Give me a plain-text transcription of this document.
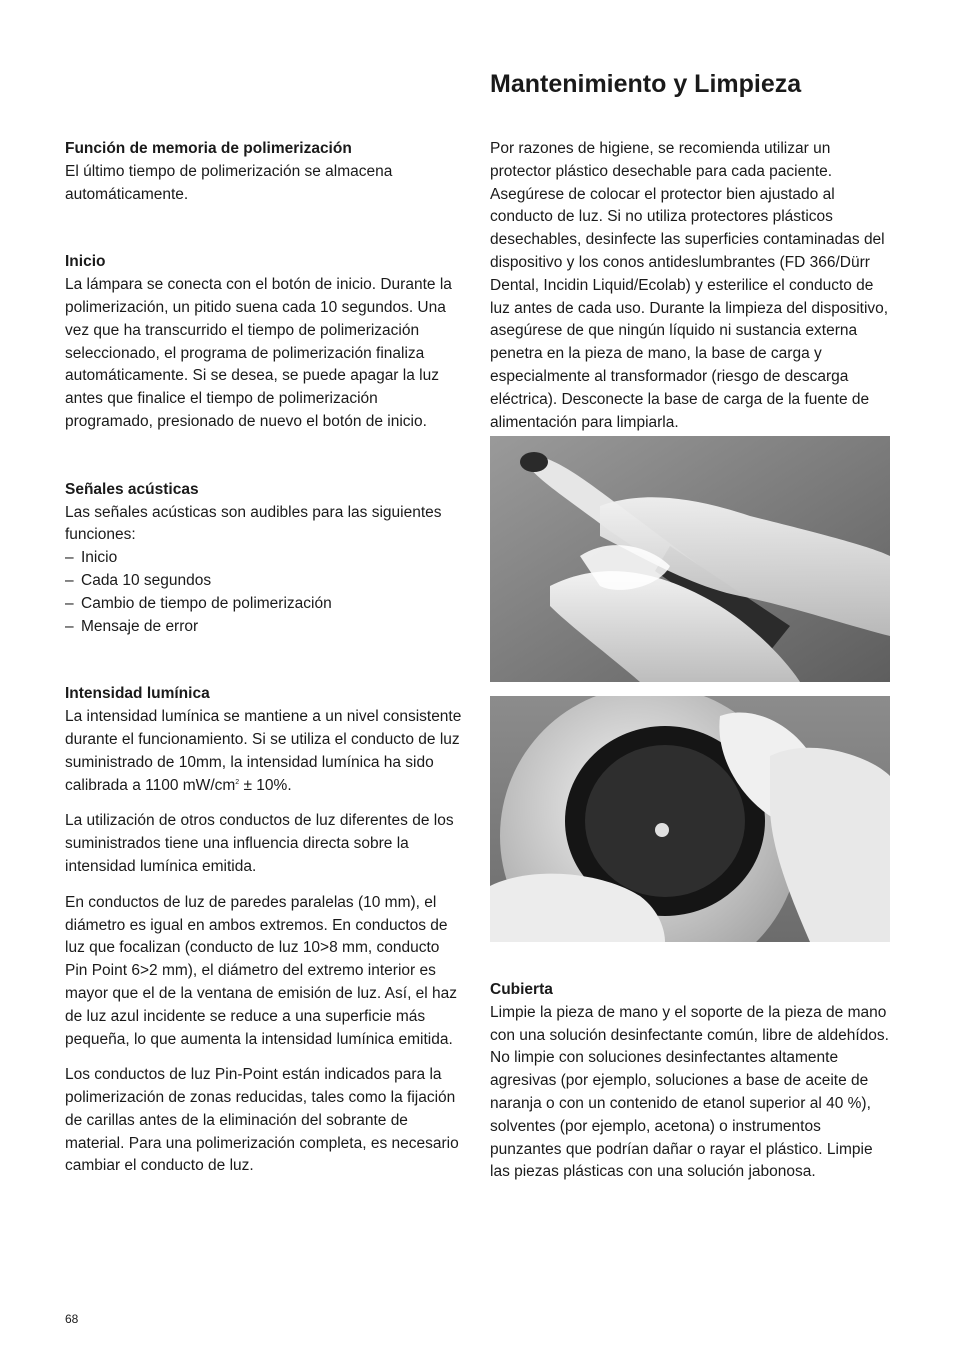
Mantenimiento y Limpieza
Función de memoria de polimerización

El último tiempo de polimerización se almacena automáticamente.

Inicio

La lámpara se conecta con el botón de inicio. Durante la polimerización, un pitido suena cada 10 segundos. Una vez que ha transcurrido el tiempo de polimerización seleccionado, el programa de polimerización finaliza automáticamente. Si se desea, se puede apagar la luz antes que finalice el tiempo de polimerización programado, presionado de nuevo el botón de inicio.

Señales acústicas

Las señales acústicas son audibles para las siguientes funciones:

– Inicio
– Cada 10 segundos
– Cambio de tiempo de polimerización
– Mensaje de error
Intensidad lumínica

La intensidad lumínica se mantiene a un nivel consistente durante el funcionamiento. Si se utiliza el conducto de luz suministrado de 10mm, la intensidad lumínica ha sido calibrada a 1100 $mW/cm^2 \pm 10\%$.

La utilización de otros conductos de luz diferentes de los suministrados tiene una influencia directa sobre la intensidad lumínica emitida.

En conductos de luz de paredes paralelas (10 mm), el diámetro es igual en ambos extremos. En conductos de luz que focalizan (conducto de luz 10>8 mm, conducto Pin Point 6>2 mm), el diámetro del extremo interior es mayor que el de la ventana de emisión de luz. Así, el haz de luz azul incidente se reduce a una superficie más pequeña, lo que aumenta la intensidad lumínica emitida.

Los conductos de luz Pin-Point están indicados para la polimerización de zonas reducidas, tales como la fijación de carillas antes de la eliminación del sobrante de material. Para una polimerización completa, es necesario cambiar el conducto de luz.

Por razones de higiene, se recomienda utilizar un protector plástico desechable para cada paciente. Asegúrese de colocar el protector bien ajustado al conducto de luz. Si no utiliza protectores plásticos desechables, desinfecte las superficies contaminadas del dispositivo y los conos antideslumbrantes (FD 366/Dürr Dental, Incidin Liquid/Ecolab) y esterilice el conducto de luz antes de cada uso. Durante la limpieza del dispositivo, asegúrese de que ningún líquido ni sustancia externa penetra en la pieza de mano, la base de carga y especialmente al transformador (riesgo de descarga eléctrica). Desconecte la base de carga de la fuente de alimentación para limpiarla.

Cubierta

Limpie la pieza de mano y el soporte de la pieza de mano con una solución desinfectante común, libre de aldehídos. No limpie con soluciones desinfectantes altamente agresivas (por ejemplo, soluciones a base de aceite de naranja o con un contenido de etanol superior al 40 %), solventes (por ejemplo, acetona) o instrumentos punzantes que podrían dañar o rayar el plástico. Limpie las piezas plásticas con una solución jabonosa.

68
